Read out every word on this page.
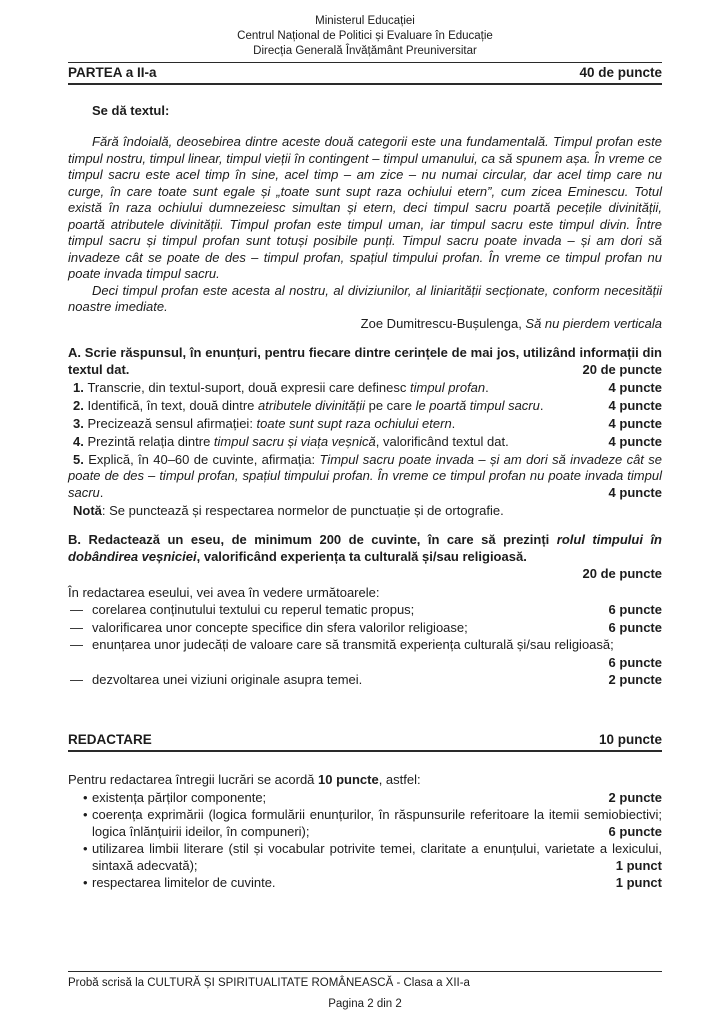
Ministerul Educației
Centrul Național de Politici și Evaluare în Educație
Direcția Generală Învățământ Preuniversitar
PARTEA a II-a	40 de puncte

Se dă textul:

Fără îndoială, deosebirea dintre aceste două categorii este una fundamentală. Timpul profan este timpul nostru, timpul linear, timpul vieții în contingent – timpul umanului, ca să spunem așa. În vreme ce timpul sacru este acel timp în sine, acel timp – am zice – nu numai circular, dar acel timp care nu curge, în care toate sunt egale și „toate sunt supt raza ochiului etern”, cum zicea Eminescu. Totul există în raza ochiului dumnezeiesc simultan și etern, deci timpul sacru poartă pecețile divinității, poartă atributele divinității. Timpul profan este timpul uman, iar timpul sacru este timpul divin. Între timpul sacru și timpul profan sunt totuși posibile punți. Timpul sacru poate invada – și am dori să invadeze cât se poate de des – timpul profan, spațiul timpului profan. În vreme ce timpul profan nu poate invada timpul sacru.

Deci timpul profan este acesta al nostru, al diviziunilor, al liniarității secționate, conform necesității noastre imediate.

Zoe Dumitrescu-Bușulenga, Să nu pierdem verticala

A. Scrie răspunsul, în enunțuri, pentru fiecare dintre cerințele de mai jos, utilizând informații din textul dat.	20 de puncte

1. Transcrie, din textul-suport, două expresii care definesc timpul profan.	4 puncte
2. Identifică, în text, două dintre atributele divinității pe care le poartă timpul sacru.	4 puncte
3. Precizează sensul afirmației: toate sunt supt raza ochiului etern.	4 puncte
4. Prezintă relația dintre timpul sacru și viața veșnică, valorificând textul dat.	4 puncte
5. Explică, în 40–60 de cuvinte, afirmația: Timpul sacru poate invada – și am dori să invadeze cât se poate de des – timpul profan, spațiul timpului profan. În vreme ce timpul profan nu poate invada timpul sacru.	4 puncte

Notă: Se punctează și respectarea normelor de punctuație și de ortografie.

B. Redactează un eseu, de minimum 200 de cuvinte, în care să prezinți rolul timpului în dobândirea veșniciei, valorificând experiența ta culturală și/sau religioasă.

20 de puncte

În redactarea eseului, vei avea în vedere următoarele:

— corelarea conținutului textului cu reperul tematic propus;	6 puncte
— valorificarea unor concepte specifice din sfera valorilor religioase;	6 puncte
— enunțarea unor judecăți de valoare care să transmită experiența culturală și/sau religioasă;
6 puncte
— dezvoltarea unei viziuni originale asupra temei.	2 puncte
REDACTARE	10 puncte

Pentru redactarea întregii lucrări se acordă 10 puncte, astfel:

• existența părților componente;	2 puncte
• coerența exprimării (logica formulării enunțurilor, în răspunsurile referitoare la itemii semiobiectivi; logica înlănțuirii ideilor, în compuneri);	6 puncte
• utilizarea limbii literare (stil și vocabular potrivite temei, claritate a enunțului, varietate a lexicului, sintaxă adecvată);	1 punct
• respectarea limitelor de cuvinte.	1 punct
Probă scrisă la CULTURĂ ȘI SPIRITUALITATE ROMÂNEASCĂ - Clasa a XII-a
Pagina 2 din 2
